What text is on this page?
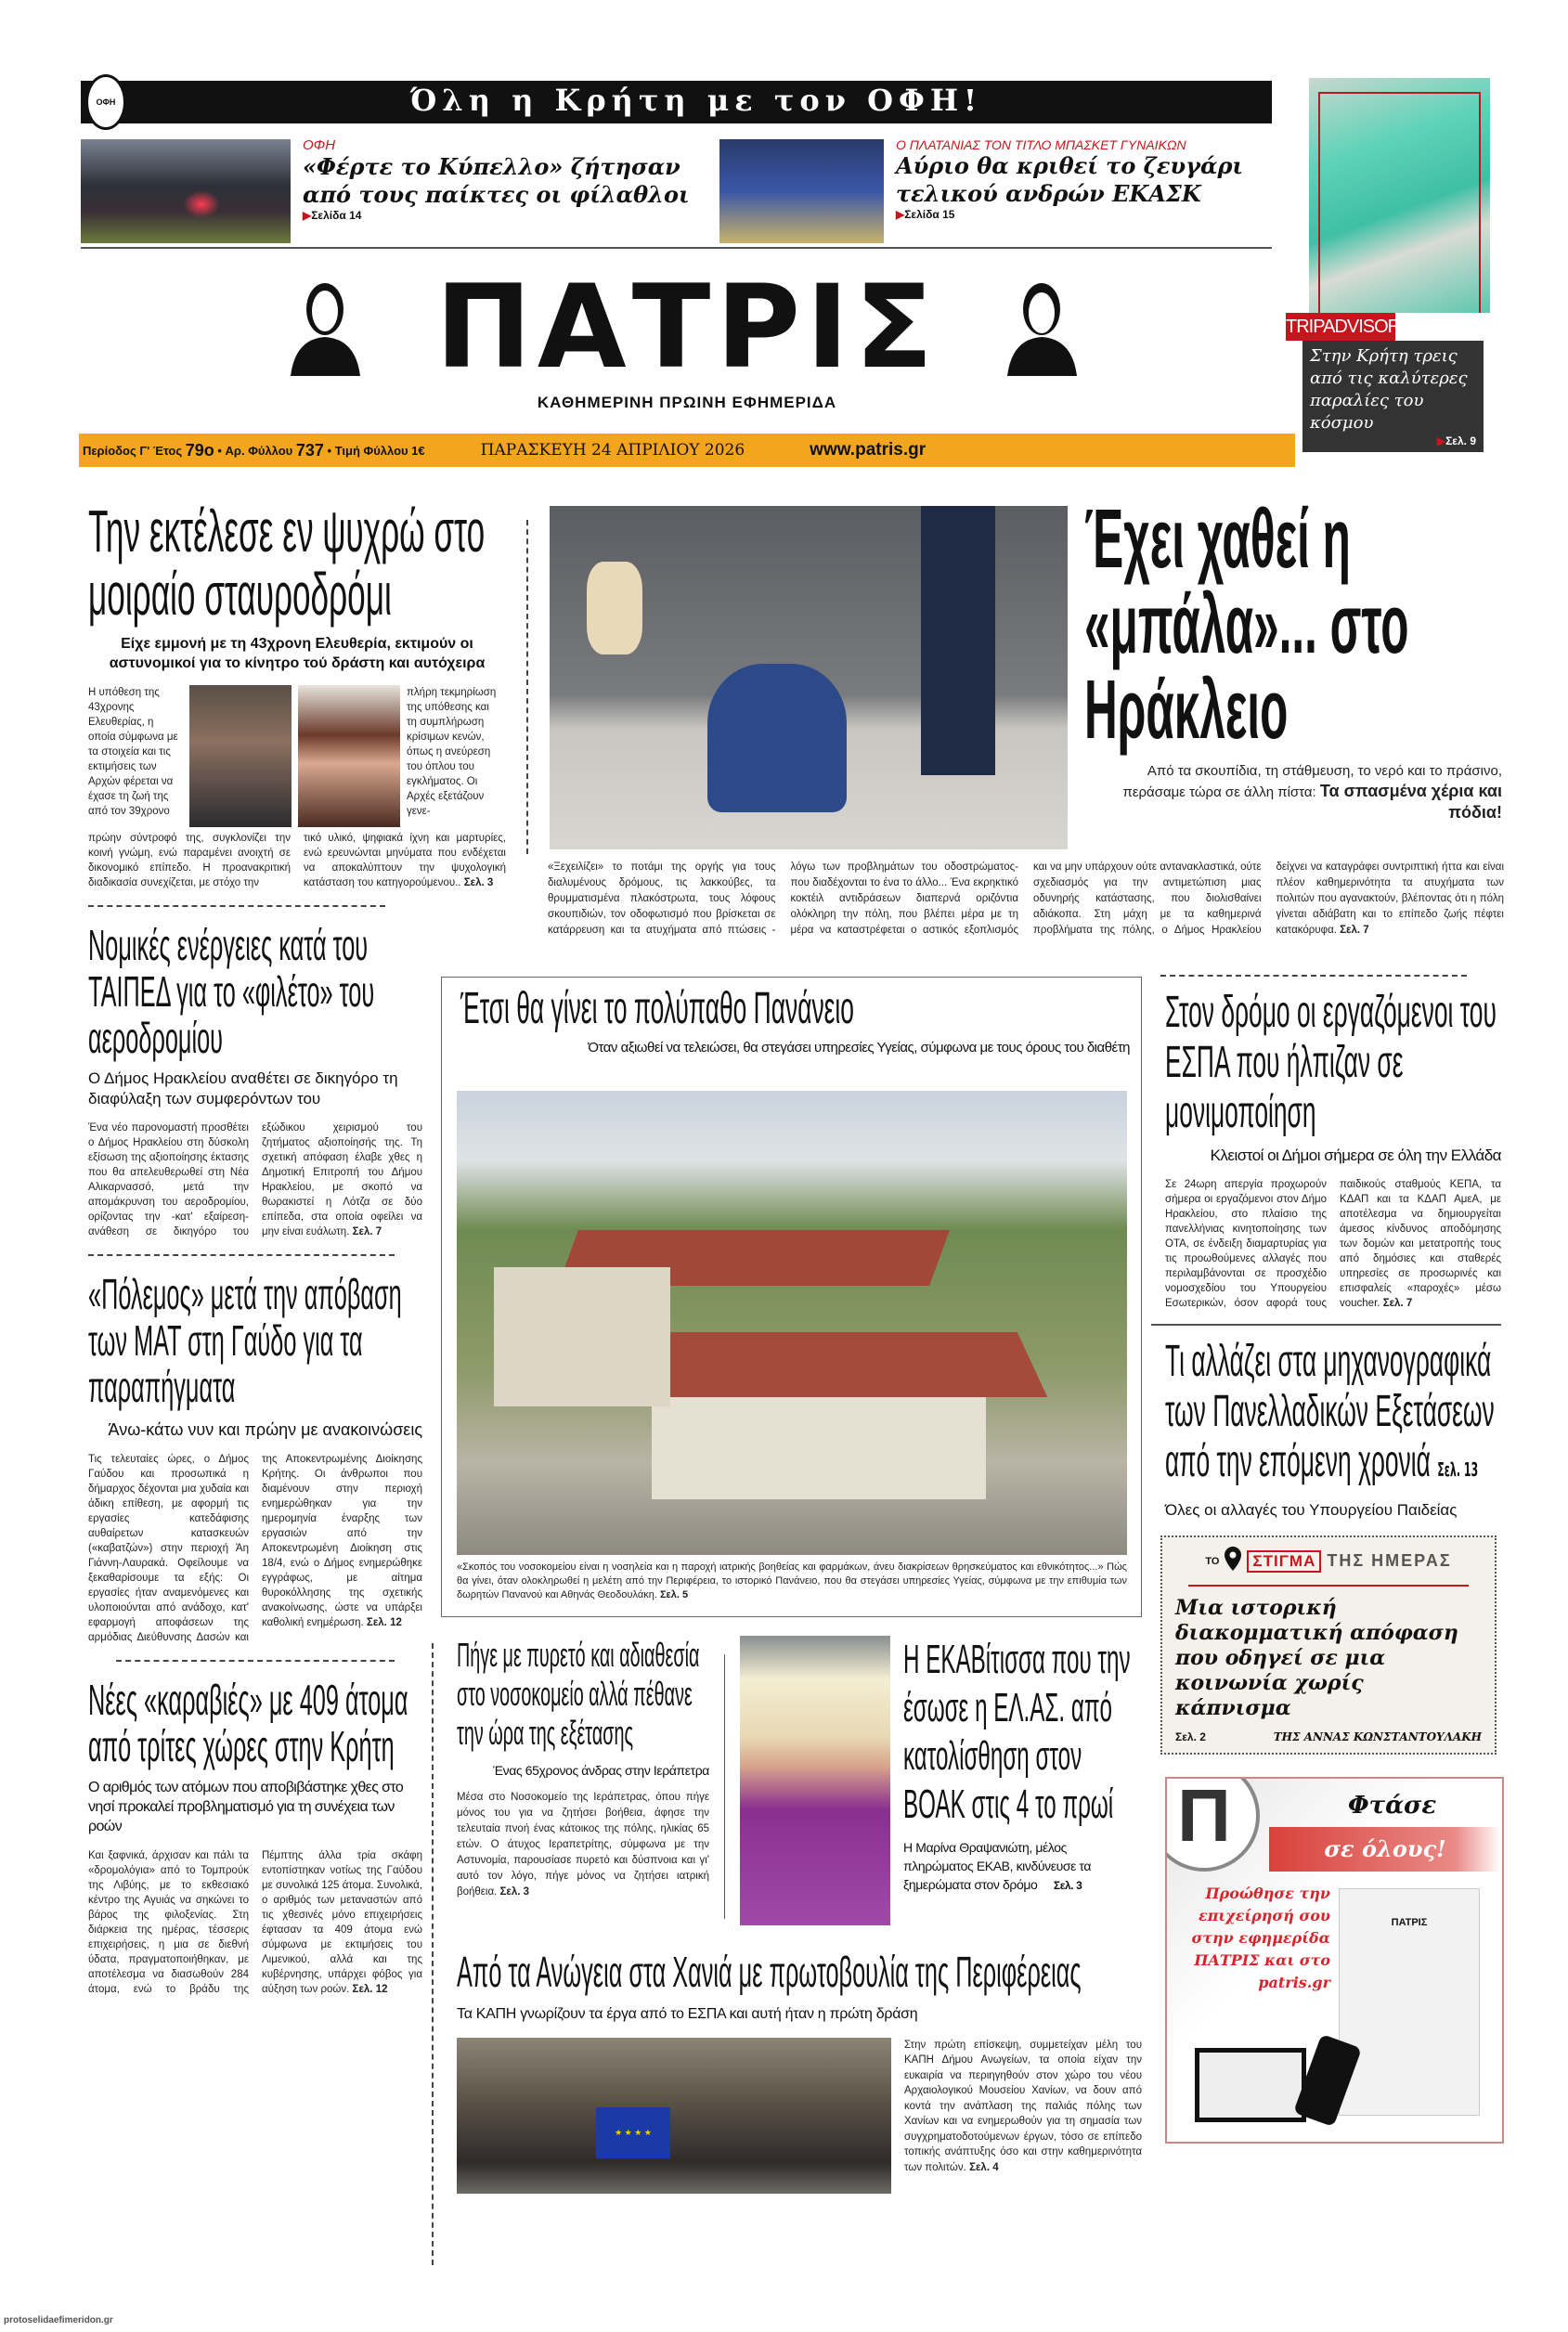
ΟΦΗ	Όλη η Κρήτη με τον ΟΦΗ!
ΟΦΗ
«Φέρτε το Κύπελλο» ζήτησαν από τους παίκτες οι φίλαθλοι
▶Σελίδα 14
Ο ΠΛΑΤΑΝΙΑΣ ΤΟΝ ΤΙΤΛΟ ΜΠΑΣΚΕΤ ΓΥΝΑΙΚΩΝ
Αύριο θα κριθεί το ζευγάρι τελικού ανδρών ΕΚΑΣΚ
▶Σελίδα 15
TRIPADVISOR
Στην Κρήτη τρεις από τις καλύτερες παραλίες του κόσμου
▶Σελ. 9
ΠΑΤΡΙΣ
ΚΑΘΗΜΕΡΙΝΗ ΠΡΩΙΝΗ ΕΦΗΜΕΡΙΔΑ
Περίοδος Γ' Έτος
79ο • Αρ. Φύλλου
737 • Τιμή Φύλλου 1€	ΠΑΡΑΣΚΕΥΗ 24 ΑΠΡΙΛΙΟΥ 2026	www.patris.gr
Την εκτέλεσε εν ψυχρώ στο μοιραίο σταυροδρόμι
Είχε εμμονή με τη 43χρονη Ελευθερία, εκτιμούν οι αστυνομικοί για το κίνητρο τού δράστη και αυτόχειρα
Η υπόθεση της 43χρονης Ελευθερίας, η οποία σύμφωνα με τα στοιχεία και τις εκτιμήσεις των Αρχών φέρεται να έχασε τη ζωή της από τον 39χρονο
πλήρη τεκμηρίωση της υπόθεσης και τη συμπλήρωση κρίσιμων κενών, όπως η ανεύρεση του όπλου του εγκλήματος. Οι Αρχές εξετάζουν γενε-
πρώην σύντροφό της, συγκλονίζει την κοινή γνώμη, ενώ παραμένει ανοιχτή σε δικονομικό επίπεδο. Η προανακριτική διαδικασία συνεχίζεται, με στόχο την
τικό υλικό, ψηφιακά ίχνη και μαρτυρίες, ενώ ερευνώνται μηνύματα που ενδέχεται να αποκαλύπτουν την ψυχολογική κατάσταση του κατηγορούμενου.. Σελ. 3
Νομικές ενέργειες κατά του ΤΑΙΠΕΔ για το «φιλέτο» του αεροδρομίου
Ο Δήμος Ηρακλείου αναθέτει σε δικηγόρο τη διαφύλαξη των συμφερόντων του
Ένα νέο παρονομαστή προσθέτει ο Δήμος Ηρακλείου στη δύσκολη εξίσωση της αξιοποίησης έκτασης που θα απελευθερωθεί στη Νέα Αλικαρνασσό, μετά την απομάκρυνση του αεροδρομίου, ορίζοντας την -κατ' εξαίρεση- ανάθεση σε δικηγόρο του εξώδικου χειρισμού του ζητήματος αξιοποίησής της. Τη σχετική απόφαση έλαβε χθες η Δημοτική Επιτροπή του Δήμου Ηρακλείου, με σκοπό να θωρακιστεί η Λότζα σε δύο επίπεδα, στα οποία οφείλει να μην είναι ευάλωτη. Σελ. 7
«Πόλεμος» μετά την απόβαση των ΜΑΤ στη Γαύδο για τα παραπήγματα
Άνω-κάτω νυν και πρώην με ανακοινώσεις
Τις τελευταίες ώρες, ο Δήμος Γαύδου και προσωπικά η δήμαρχος δέχονται μια χυδαία και άδικη επίθεση, με αφορμή τις εργασίες κατεδάφισης αυθαίρετων κατασκευών («καβατζών») στην περιοχή Άη Γιάννη-Λαυρακά. Οφείλουμε να ξεκαθαρίσουμε τα εξής: Οι εργασίες ήταν αναμενόμενες και υλοποιούνται από ανάδοχο, κατ' εφαρμογή αποφάσεων της αρμόδιας Διεύθυνσης Δασών και της Αποκεντρωμένης Διοίκησης Κρήτης. Οι άνθρωποι που διαμένουν στην περιοχή ενημερώθηκαν για την ημερομηνία έναρξης των εργασιών από την Αποκεντρωμένη Διοίκηση στις 18/4, ενώ ο Δήμος ενημερώθηκε εγγράφως, με αίτημα θυροκόλλησης της σχετικής ανακοίνωσης, ώστε να υπάρξει καθολική ενημέρωση. Σελ. 12
Νέες «καραβιές» με 409 άτομα από τρίτες χώρες στην Κρήτη
Ο αριθμός των ατόμων που αποβιβάστηκε χθες στο νησί προκαλεί προβληματισμό για τη συνέχεια των ροών
Και ξαφνικά, άρχισαν και πάλι τα «δρομολόγια» από το Τομπρούκ της Λιβύης, με το εκθεσιακό κέντρο της Αγυιάς να σηκώνει το βάρος της φιλοξενίας. Στη διάρκεια της ημέρας, τέσσερις επιχειρήσεις, η μια σε διεθνή ύδατα, πραγματοποιήθηκαν, με αποτέλεσμα να διασωθούν 284 άτομα, ενώ το βράδυ της Πέμπτης άλλα τρία σκάφη εντοπίστηκαν νοτίως της Γαύδου με συνολικά 125 άτομα. Συνολικά, ο αριθμός των μεταναστών από τις χθεσινές μόνο επιχειρήσεις έφτασαν τα 409 άτομα ενώ σύμφωνα με εκτιμήσεις του Λιμενικού, αλλά και της κυβέρνησης, υπάρχει φόβος για αύξηση των ροών. Σελ. 12
Έχει χαθεί η «μπάλα»... στο Ηράκλειο
Από τα σκουπίδια, τη στάθμευση, το νερό και το πράσινο, περάσαμε τώρα σε άλλη πίστα: Τα σπασμένα χέρια και πόδια!
«Ξεχειλίζει» το ποτάμι της οργής για τους διαλυμένους δρόμους, τις λακκούβες, τα θρυμματισμένα πλακόστρωτα, τους λόφους σκουπιδιών, τον οδοφωτισμό που βρίσκεται σε κατάρρευση και τα ατυχήματα από πτώσεις - λόγω των προβλημάτων του οδοστρώματος- που διαδέχονται το ένα το άλλο... Ένα εκρηκτικό κοκτέιλ αντιδράσεων διαπερνά οριζόντια ολόκληρη την πόλη, που βλέπει μέρα με τη μέρα να καταστρέφεται ο αστικός εξοπλισμός και να μην υπάρχουν ούτε αντανακλαστικά, ούτε σχεδιασμός για την αντιμετώπιση μιας οδυνηρής κατάστασης, που διολισθαίνει αδιάκοπα. Στη μάχη με τα καθημερινά προβλήματα της πόλης, ο Δήμος Ηρακλείου δείχνει να καταγράφει συντριπτική ήττα και είναι πλέον καθημερινότητα τα ατυχήματα των πολιτών που αγανακτούν, βλέποντας ότι η πόλη γίνεται αδιάβατη και το επίπεδο ζωής πέφτει κατακόρυφα. Σελ. 7
Έτσι θα γίνει το πολύπαθο Πανάνειο
Όταν αξιωθεί να τελειώσει, θα στεγάσει υπηρεσίες Υγείας, σύμφωνα με τους όρους του διαθέτη
«Σκοπός του νοσοκομείου είναι η νοσηλεία και η παροχή ιατρικής βοηθείας και φαρμάκων, άνευ διακρίσεων θρησκεύματος και εθνικότητος...» Πώς θα γίνει, όταν ολοκληρωθεί η μελέτη από την Περιφέρεια, το ιστορικό Πανάνειο, που θα στεγάσει υπηρεσίες Υγείας, σύμφωνα με την επιθυμία των δωρητών Πανανού και Αθηνάς Θεοδουλάκη. Σελ. 5
Στον δρόμο οι εργαζόμενοι του ΕΣΠΑ που ήλπιζαν σε μονιμοποίηση
Κλειστοί οι Δήμοι σήμερα σε όλη την Ελλάδα
Σε 24ωρη απεργία προχωρούν σήμερα οι εργαζόμενοι στον Δήμο Ηρακλείου, στο πλαίσιο της πανελλήνιας κινητοποίησης των ΟΤΑ, σε ένδειξη διαμαρτυρίας για τις προωθούμενες αλλαγές που περιλαμβάνονται σε προσχέδιο νομοσχεδίου του Υπουργείου Εσωτερικών, όσον αφορά τους παιδικούς σταθμούς ΚΕΠΑ, τα ΚΔΑΠ και τα ΚΔΑΠ ΑμεΑ, με αποτέλεσμα να δημιουργείται άμεσος κίνδυνος αποδόμησης των δομών και μετατροπής τους από δημόσιες και σταθερές υπηρεσίες σε προσωρινές και επισφαλείς «παροχές» μέσω voucher. Σελ. 7
Τι αλλάζει στα μηχανογραφικά των Πανελλαδικών Εξετάσεων από την επόμενη χρονιά Σελ. 13
Όλες οι αλλαγές του Υπουργείου Παιδείας
ΤΟ	ΣΤΙΓΜΑ ΤΗΣ ΗΜΕΡΑΣ
Μια ιστορική διακομματική απόφαση που οδηγεί σε μια κοινωνία χωρίς κάπνισμα
Σελ. 2	ΤΗΣ ΑΝΝΑΣ ΚΩΝΣΤΑΝΤΟΥΛΑΚΗ
Π	Φτάσε
σε όλους!
Προώθησε την επιχείρησή σου στην εφημερίδα ΠΑΤΡΙΣ και στο patris.gr
ΠΑΤΡΙΣ
Πήγε με πυρετό και αδιαθεσία στο νοσοκομείο αλλά πέθανε την ώρα της εξέτασης
Ένας 65χρονος άνδρας στην Ιεράπετρα
Μέσα στο Νοσοκομείο της Ιεράπετρας, όπου πήγε μόνος του για να ζητήσει βοήθεια, άφησε την τελευταία πνοή ένας κάτοικος της πόλης, ηλικίας 65 ετών. Ο άτυχος Ιεραπετρίτης, σύμφωνα με την Αστυνομία, παρουσίασε πυρετό και δύσπνοια και γι' αυτό τον λόγο, πήγε μόνος να ζητήσει ιατρική βοήθεια. Σελ. 3
Η ΕΚΑΒίτισσα που την έσωσε η ΕΛ.ΑΣ. από κατολίσθηση στον ΒΟΑΚ στις 4 το πρωί
Η Μαρίνα Θραψανιώτη, μέλος πληρώματος ΕΚΑΒ, κινδύνευσε τα ξημερώματα στον δρόμο Σελ. 3
Από τα Ανώγεια στα Χανιά με πρωτοβουλία της Περιφέρειας
Τα ΚΑΠΗ γνωρίζουν τα έργα από το ΕΣΠΑ και αυτή ήταν η πρώτη δράση
★ ★ ★ ★
Στην πρώτη επίσκεψη, συμμετείχαν μέλη του ΚΑΠΗ Δήμου Ανωγείων, τα οποία είχαν την ευκαιρία να περιηγηθούν στον χώρο του νέου Αρχαιολογικού Μουσείου Χανίων, να δουν από κοντά την ανάπλαση της παλιάς πόλης των Χανίων και να ενημερωθούν για τη σημασία των συγχρηματοδοτούμενων έργων, τόσο σε επίπεδο τοπικής ανάπτυξης όσο και στην καθημερινότητα των πολιτών. Σελ. 4
protoselidaefimeridon.gr
